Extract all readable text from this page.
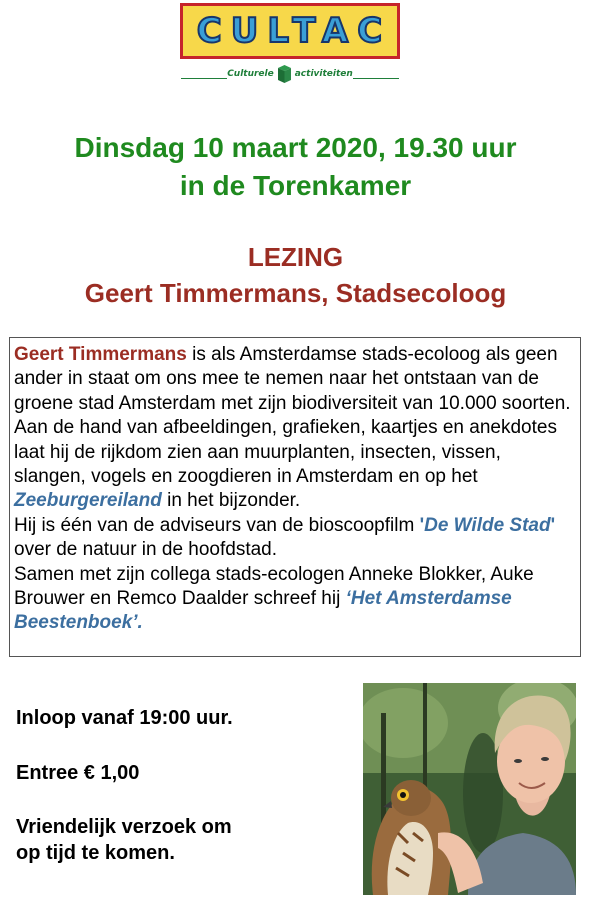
CULTAC
Culturele activiteiten
Dinsdag 10 maart 2020, 19.30 uur
in de Torenkamer
LEZING
Geert Timmermans, Stadsecoloog

Geert Timmermans is als Amsterdamse stads-ecoloog als geen ander in staat om ons mee te nemen naar het ontstaan van de groene stad Amsterdam met zijn biodiversiteit van 10.000 soorten.

Aan de hand van afbeeldingen, grafieken, kaartjes en anekdotes laat hij de rijkdom zien aan muurplanten, insecten, vissen, slangen, vogels en zoogdieren in Amsterdam en op het Zeeburgereiland in het bijzonder.

Hij is één van de adviseurs van de bioscoopfilm 'De Wilde Stad' over de natuur in de hoofdstad.

Samen met zijn collega stads-ecologen Anneke Blokker, Auke Brouwer en Remco Daalder schreef hij ‘Het Amsterdamse Beestenboek’.

Inloop vanaf 19:00 uur.

Entree € 1,00

Vriendelijk verzoek om

op tijd te komen.
